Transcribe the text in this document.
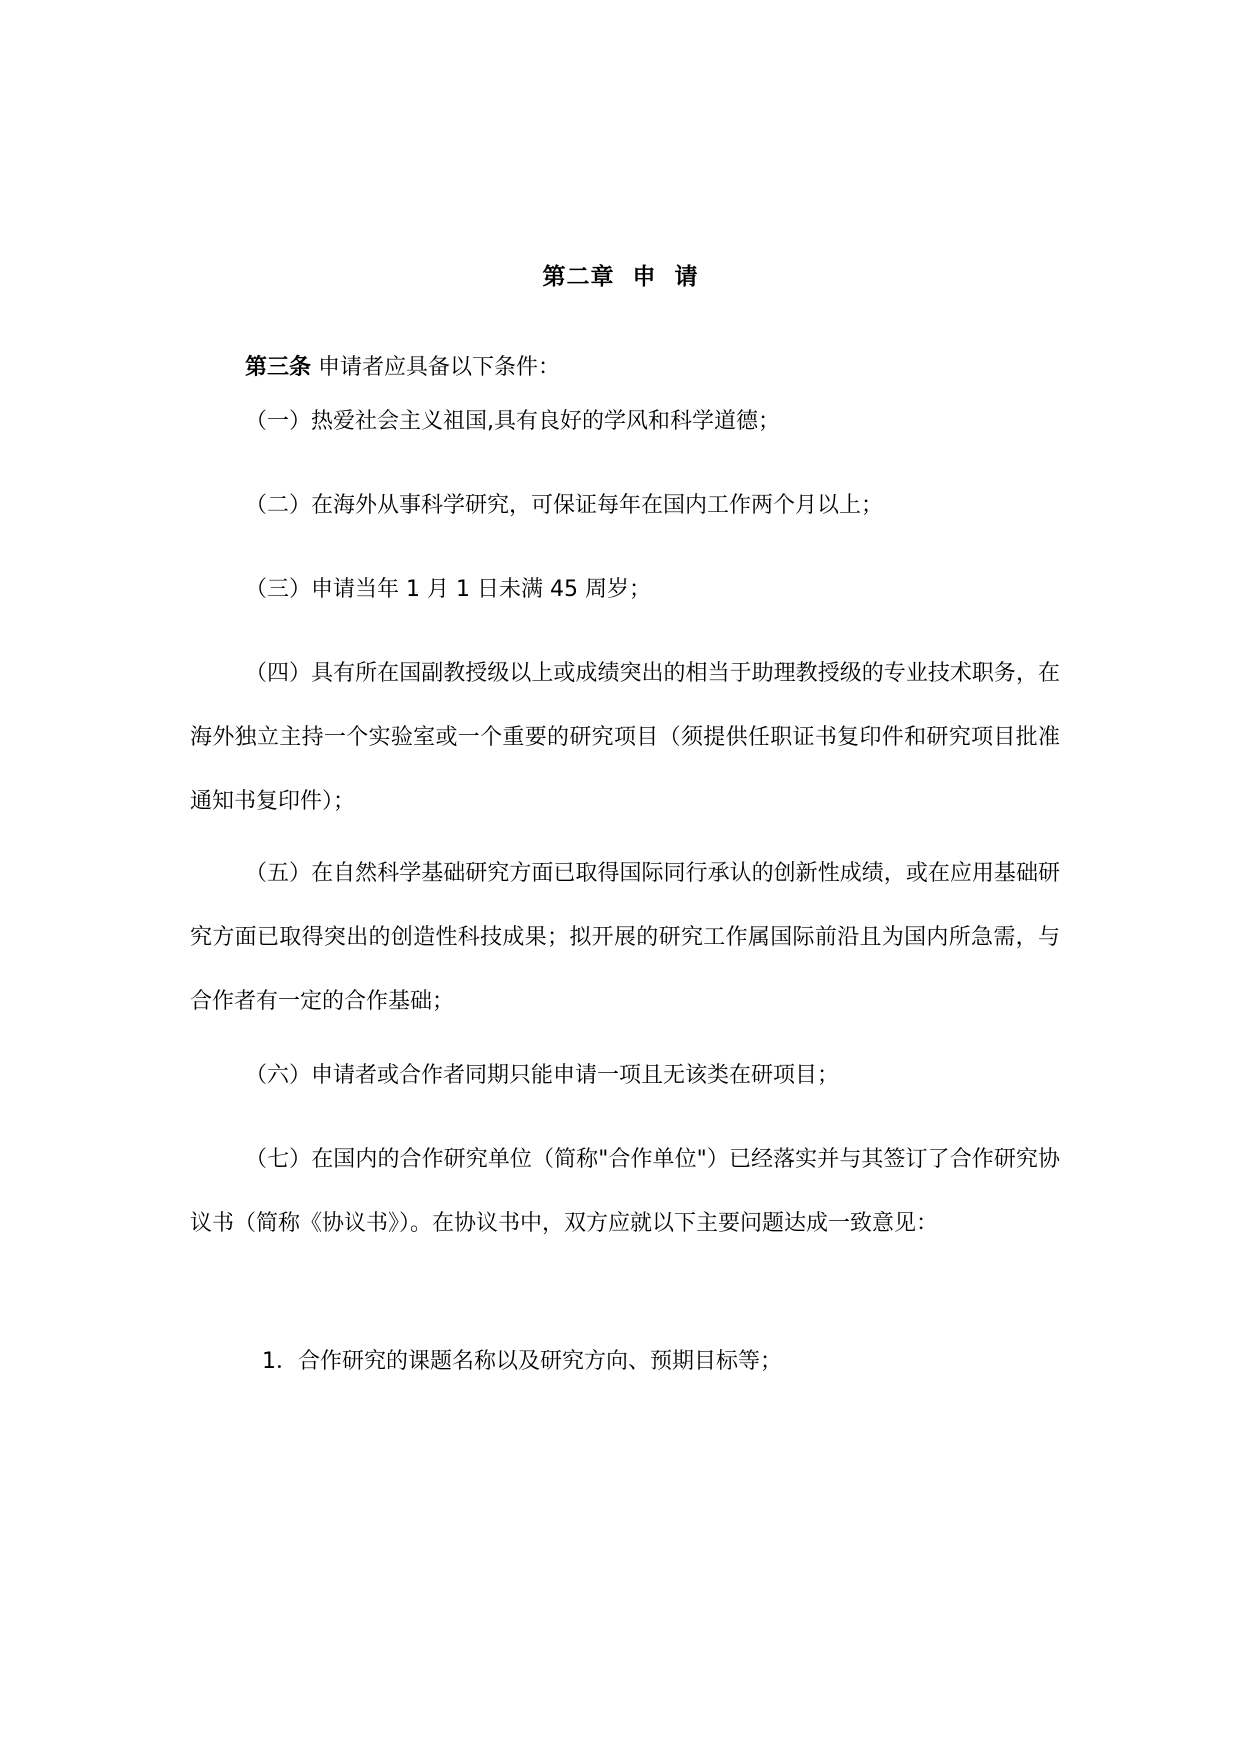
第二章  申  请
第三条 申请者应具备以下条件：
（一）热爱社会主义祖国,具有良好的学风和科学道德；
（二）在海外从事科学研究，可保证每年在国内工作两个月以上；
（三）申请当年 1 月 1 日未满 45 周岁；
（四）具有所在国副教授级以上或成绩突出的相当于助理教授级的专业技术职务，在海外独立主持一个实验室或一个重要的研究项目（须提供任职证书复印件和研究项目批准通知书复印件）；
（五）在自然科学基础研究方面已取得国际同行承认的创新性成绩，或在应用基础研究方面已取得突出的创造性科技成果；拟开展的研究工作属国际前沿且为国内所急需，与合作者有一定的合作基础；
（六）申请者或合作者同期只能申请一项且无该类在研项目；
（七）在国内的合作研究单位（简称"合作单位"）已经落实并与其签订了合作研究协议书（简称《协议书》）。在协议书中，双方应就以下主要问题达成一致意见：
1．合作研究的课题名称以及研究方向、预期目标等；
